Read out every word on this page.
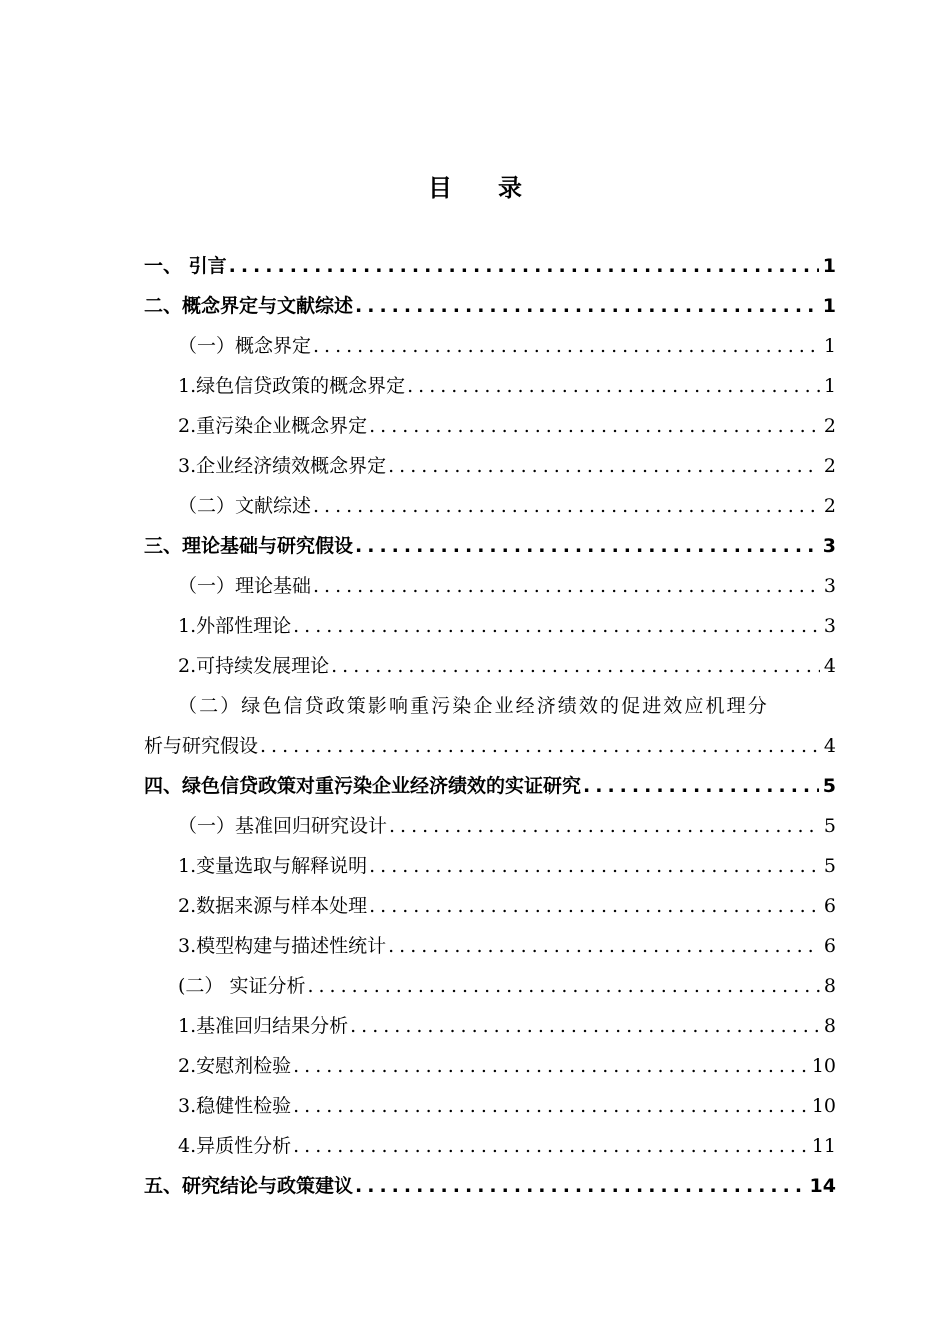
目 录
一、 引言 .....	1
二、概念界定与文献综述 .....	1
（一）概念界定 .....	1
1.绿色信贷政策的概念界定 .....	1
2.重污染企业概念界定 .....	2
3.企业经济绩效概念界定 .....	2
（二）文献综述 .....	2
三、理论基础与研究假设 .....	3
（一）理论基础 .....	3
1.外部性理论 .....	3
2.可持续发展理论 .....	4
（二）绿色信贷政策影响重污染企业经济绩效的促进效应机理分
析与研究假设 .....	4
四、绿色信贷政策对重污染企业经济绩效的实证研究 .....	5
（一）基准回归研究设计 .....	5
1.变量选取与解释说明 .....	5
2.数据来源与样本处理 .....	6
3.模型构建与描述性统计 .....	6
(二） 实证分析 .....	8
1.基准回归结果分析 .....	8
2.安慰剂检验 .....	10
3.稳健性检验 .....	10
4.异质性分析 .....	11
五、研究结论与政策建议 .....	14
